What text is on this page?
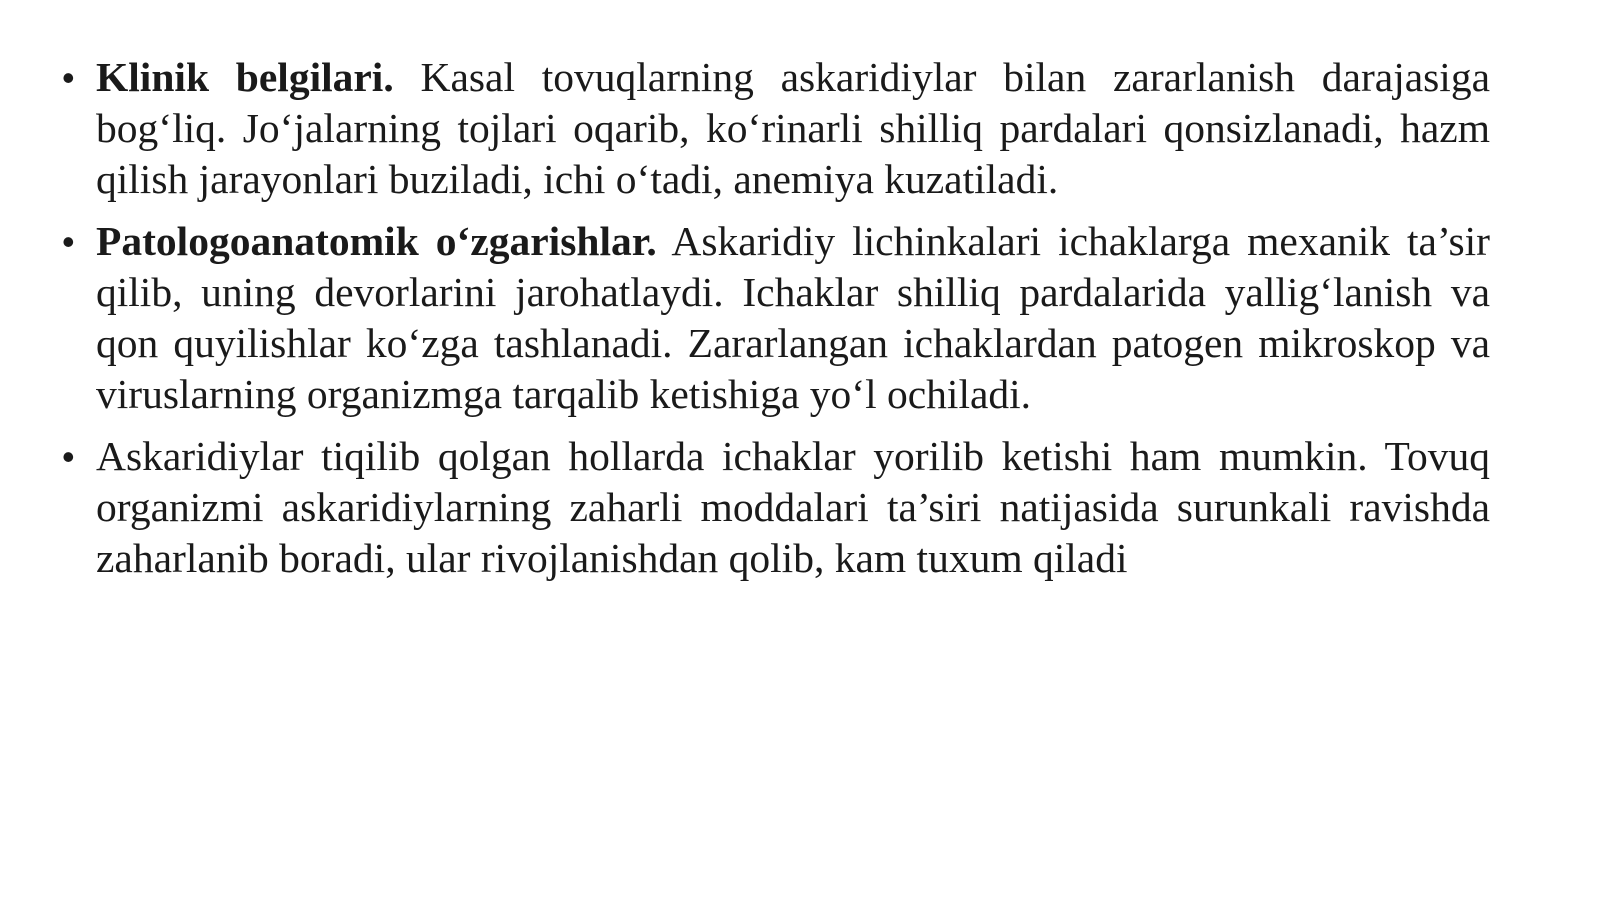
• Klinik belgilari. Kasal tovuqlarning askaridiylar bilan zararlanish darajasiga bog‘liq. Jo‘jalarning tojlari oqarib, ko‘rinarli shilliq pardalari qonsizlanadi, hazm qilish jarayonlari buziladi, ichi o‘tadi, anemiya kuzatiladi.
• Patologoanatomik o‘zgarishlar. Askaridiy lichinkalari ichaklarga mexanik ta’sir qilib, uning devorlarini jarohatlaydi. Ichaklar shilliq pardalarida yallig‘lanish va qon quyilishlar ko‘zga tashlanadi. Zararlangan ichaklardan patogen mikroskop va viruslarning organizmga tarqalib ketishiga yo‘l ochiladi.
• Askaridiylar tiqilib qolgan hollarda ichaklar yorilib ketishi ham mumkin. Tovuq organizmi askaridiylarning zaharli moddalari ta’siri natijasida surunkali ravishda zaharlanib boradi, ular rivojlanishdan qolib, kam tuxum qiladi
